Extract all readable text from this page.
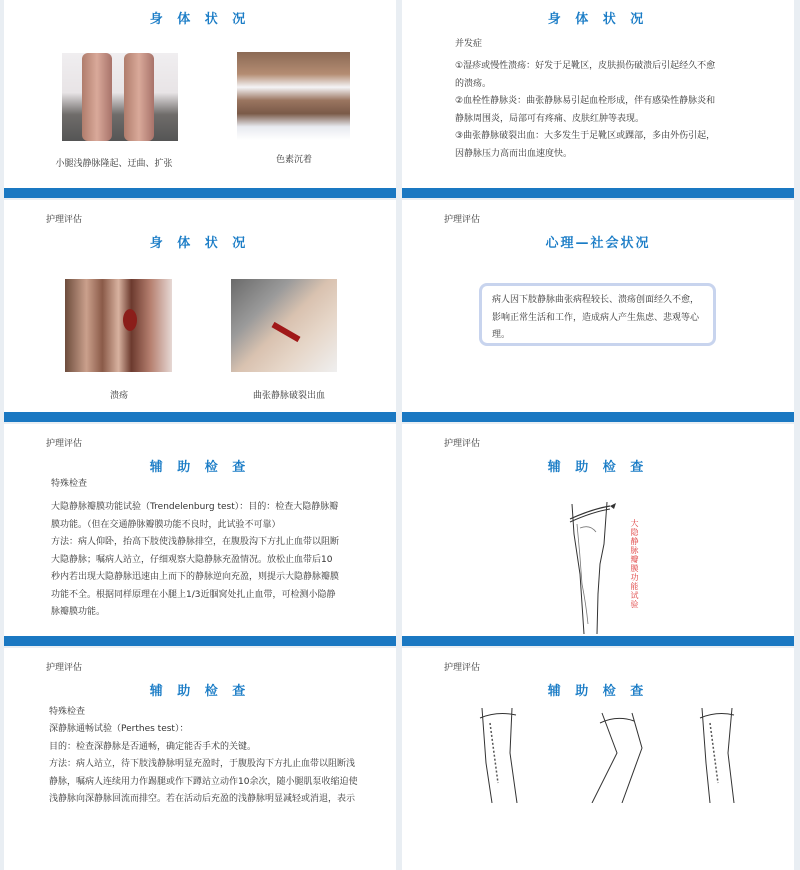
身 体 状 况
小腿浅静脉隆起、迂曲、扩张	色素沉着
身 体 状 况
并发症
①湿疹或慢性溃疡：好发于足靴区，皮肤损伤破溃后引起经久不愈
的溃疡。
②血栓性静脉炎：曲张静脉易引起血栓形成，伴有感染性静脉炎和
静脉周围炎，局部可有疼痛、皮肤红肿等表现。
③曲张静脉破裂出血：大多发生于足靴区或踝部，多由外伤引起，
因静脉压力高而出血速度快。
护理评估
身 体 状 况
溃疡	曲张静脉破裂出血
护理评估
心理—社会状况
病人因下肢静脉曲张病程较长、溃疡创面经久不愈，影响正常生活和工作，造成病人产生焦虑、悲观等心理。
护理评估
辅 助 检 查
特殊检查
大隐静脉瓣膜功能试验（Trendelenburg test）：目的：检查大隐静脉瓣
膜功能。（但在交通静脉瓣膜功能不良时，此试验不可靠）
方法：病人仰卧，抬高下肢使浅静脉排空，在腹股沟下方扎止血带以阻断
大隐静脉；嘱病人站立，仔细观察大隐静脉充盈情况。放松止血带后10
秒内若出现大隐静脉迅速由上而下的静脉逆向充盈，则提示大隐静脉瓣膜
功能不全。根据同样原理在小腿上1/3近腘窝处扎止血带，可检测小隐静
脉瓣膜功能。
护理评估
辅 助 检 查
大隐静脉瓣膜功能试验
护理评估
辅 助 检 查
特殊检查
深静脉通畅试验（Perthes test）：
目的：检查深静脉是否通畅，确定能否手术的关键。
方法：病人站立，待下肢浅静脉明显充盈时，于腹股沟下方扎止血带以阻断浅
静脉，嘱病人连续用力作踢腿或作下蹲站立动作10余次，随小腿肌泵收缩迫使
浅静脉向深静脉回流而排空。若在活动后充盈的浅静脉明显减轻或消退，表示
护理评估
辅 助 检 查
